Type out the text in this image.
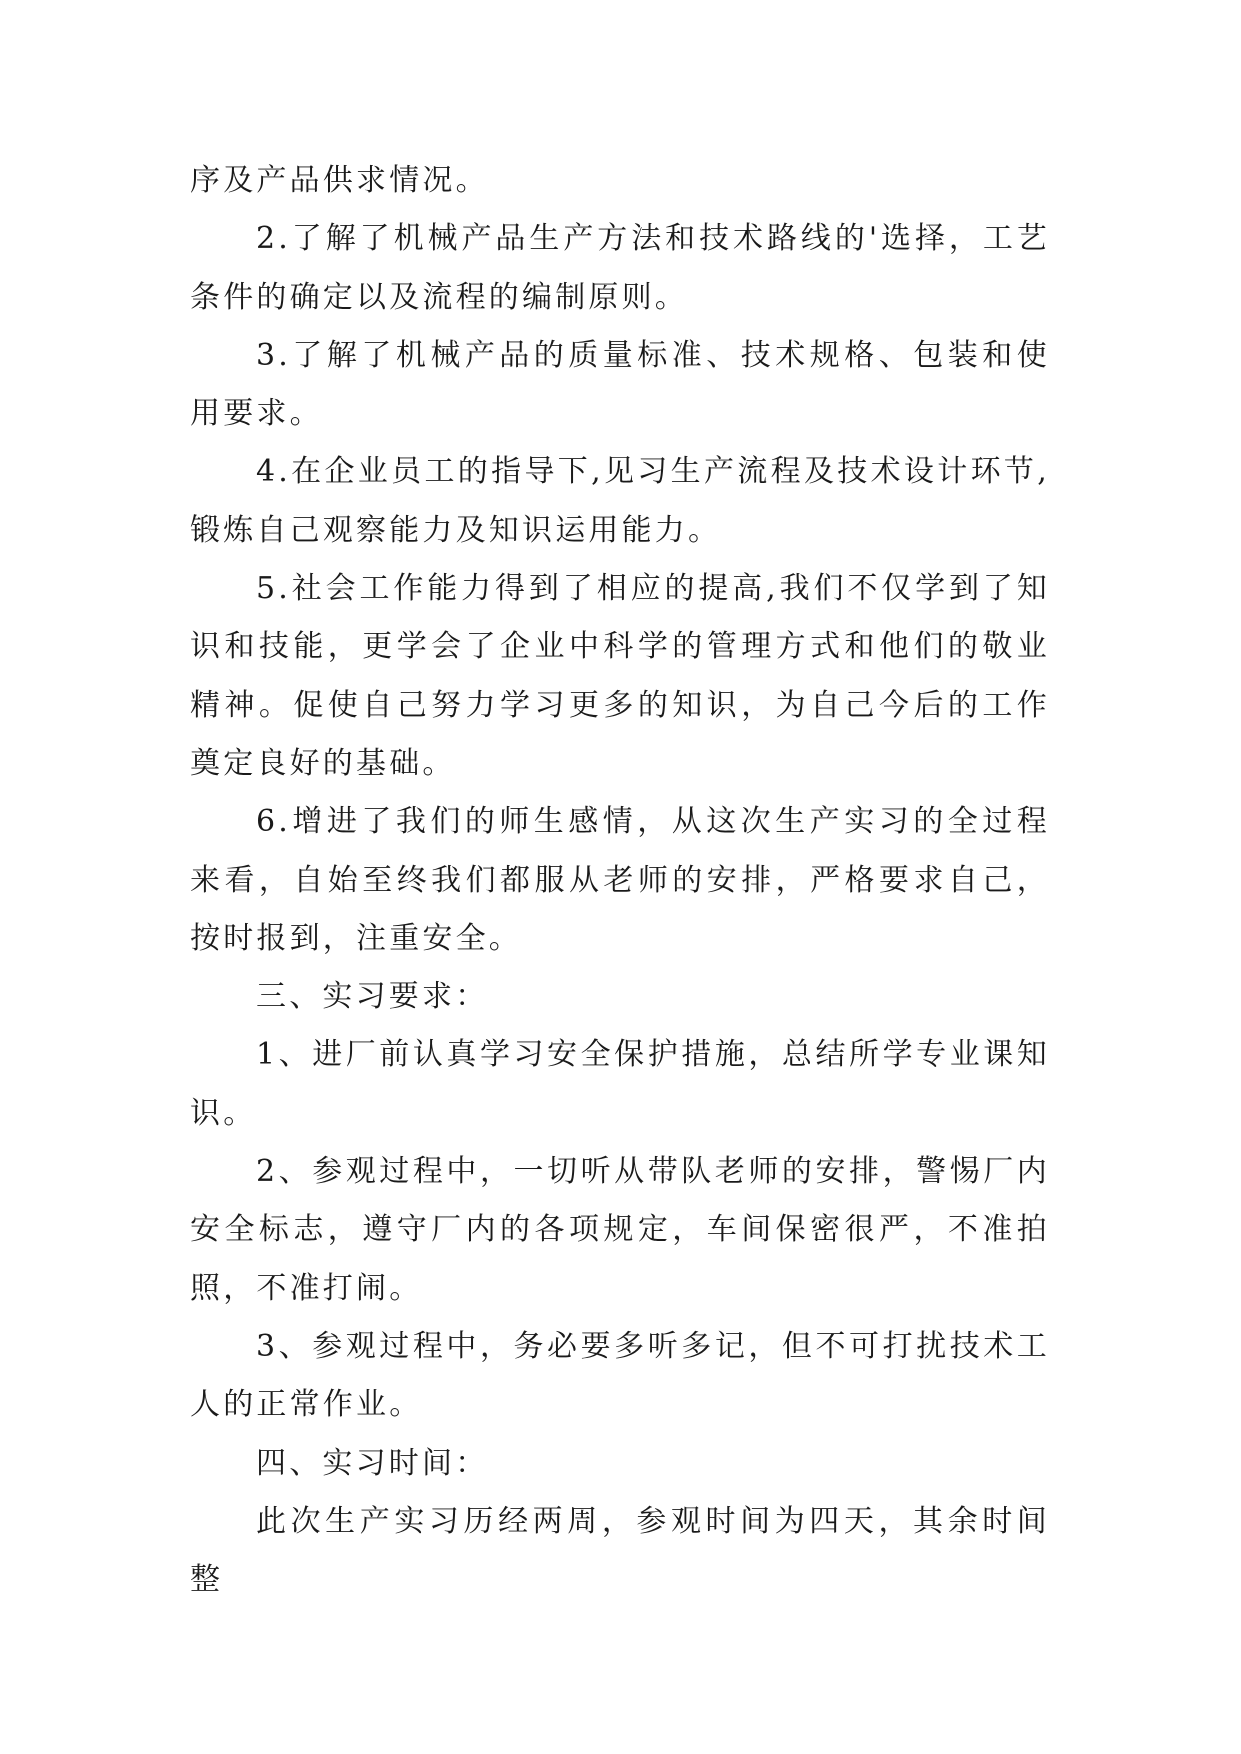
序及产品供求情况。

2.了解了机械产品生产方法和技术路线的'选择，工艺条件的确定以及流程的编制原则。

3.了解了机械产品的质量标准、技术规格、包装和使用要求。

4.在企业员工的指导下,见习生产流程及技术设计环节,锻炼自己观察能力及知识运用能力。

5.社会工作能力得到了相应的提高,我们不仅学到了知识和技能，更学会了企业中科学的管理方式和他们的敬业精神。促使自己努力学习更多的知识，为自己今后的工作奠定良好的基础。

6.增进了我们的师生感情，从这次生产实习的全过程来看，自始至终我们都服从老师的安排，严格要求自己，按时报到，注重安全。

三、实习要求：

1、进厂前认真学习安全保护措施，总结所学专业课知识。

2、参观过程中，一切听从带队老师的安排，警惕厂内安全标志，遵守厂内的各项规定，车间保密很严，不准拍照，不准打闹。

3、参观过程中，务必要多听多记，但不可打扰技术工人的正常作业。

四、实习时间：

此次生产实习历经两周，参观时间为四天，其余时间整
